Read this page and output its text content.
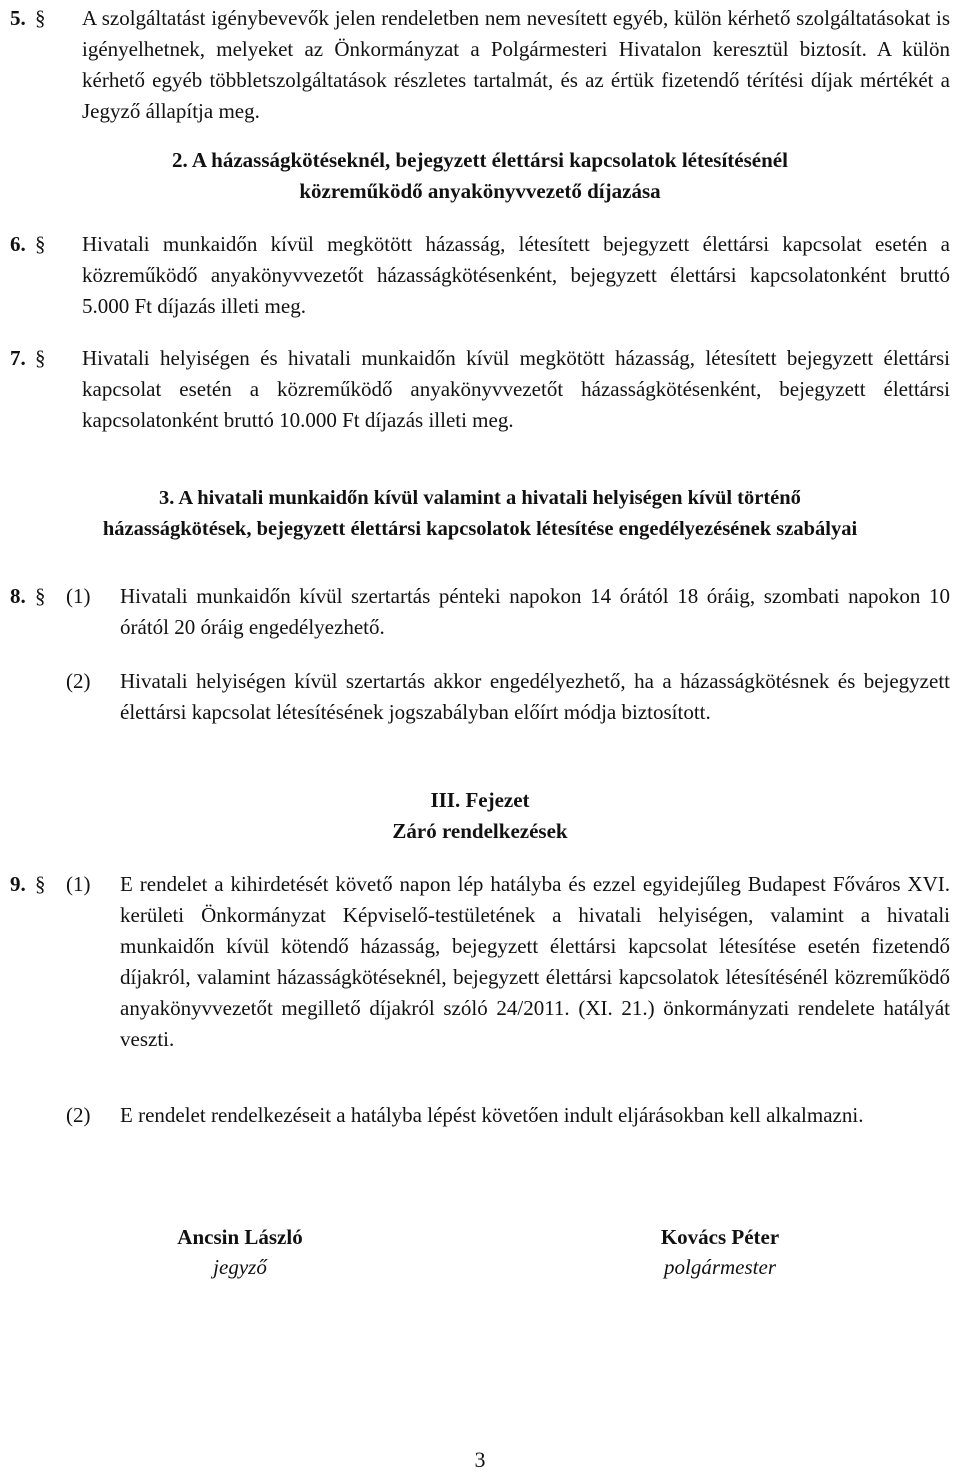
5. § A szolgáltatást igénybevevők jelen rendeletben nem nevesített egyéb, külön kérhető szolgáltatásokat is igényelhetnek, melyeket az Önkormányzat a Polgármesteri Hivatalon keresztül biztosít. A külön kérhető egyéb többletszolgáltatások részletes tartalmát, és az értük fizetendő térítési díjak mértékét a Jegyző állapítja meg.
2. A házasságkötéseknél, bejegyzett élettársi kapcsolatok létesítésénél
közreműködő anyakönyvvezető díjazása
6. § Hivatali munkaidőn kívül megkötött házasság, létesített bejegyzett élettársi kapcsolat esetén a közreműködő anyakönyvvezetőt házasságkötésenként, bejegyzett élettársi kapcsolatonként bruttó 5.000 Ft díjazás illeti meg.
7. § Hivatali helyiségen és hivatali munkaidőn kívül megkötött házasság, létesített bejegyzett élettársi kapcsolat esetén a közreműködő anyakönyvvezetőt házasságkötésenként, bejegyzett élettársi kapcsolatonként bruttó 10.000 Ft díjazás illeti meg.
3. A hivatali munkaidőn kívül valamint a hivatali helyiségen kívül történő
házasságkötések, bejegyzett élettársi kapcsolatok létesítése engedélyezésének szabályai
8. § (1) Hivatali munkaidőn kívül szertartás pénteki napokon 14 órától 18 óráig, szombati napokon 10 órától 20 óráig engedélyezhető.
(2) Hivatali helyiségen kívül szertartás akkor engedélyezhető, ha a házasságkötésnek és bejegyzett élettársi kapcsolat létesítésének jogszabályban előírt módja biztosított.
III. Fejezet
Záró rendelkezések
9. § (1) E rendelet a kihirdetését követő napon lép hatályba és ezzel egyidejűleg Budapest Főváros XVI. kerületi Önkormányzat Képviselő-testületének a hivatali helyiségen, valamint a hivatali munkaidőn kívül kötendő házasság, bejegyzett élettársi kapcsolat létesítése esetén fizetendő díjakról, valamint házasságkötéseknél, bejegyzett élettársi kapcsolatok létesítésénél közreműködő anyakönyvvezetőt megillető díjakról szóló 24/2011. (XI. 21.) önkormányzati rendelete hatályát veszti.
(2) E rendelet rendelkezéseit a hatályba lépést követően indult eljárásokban kell alkalmazni.
Ancsin László
jegyző
Kovács Péter
polgármester
3
